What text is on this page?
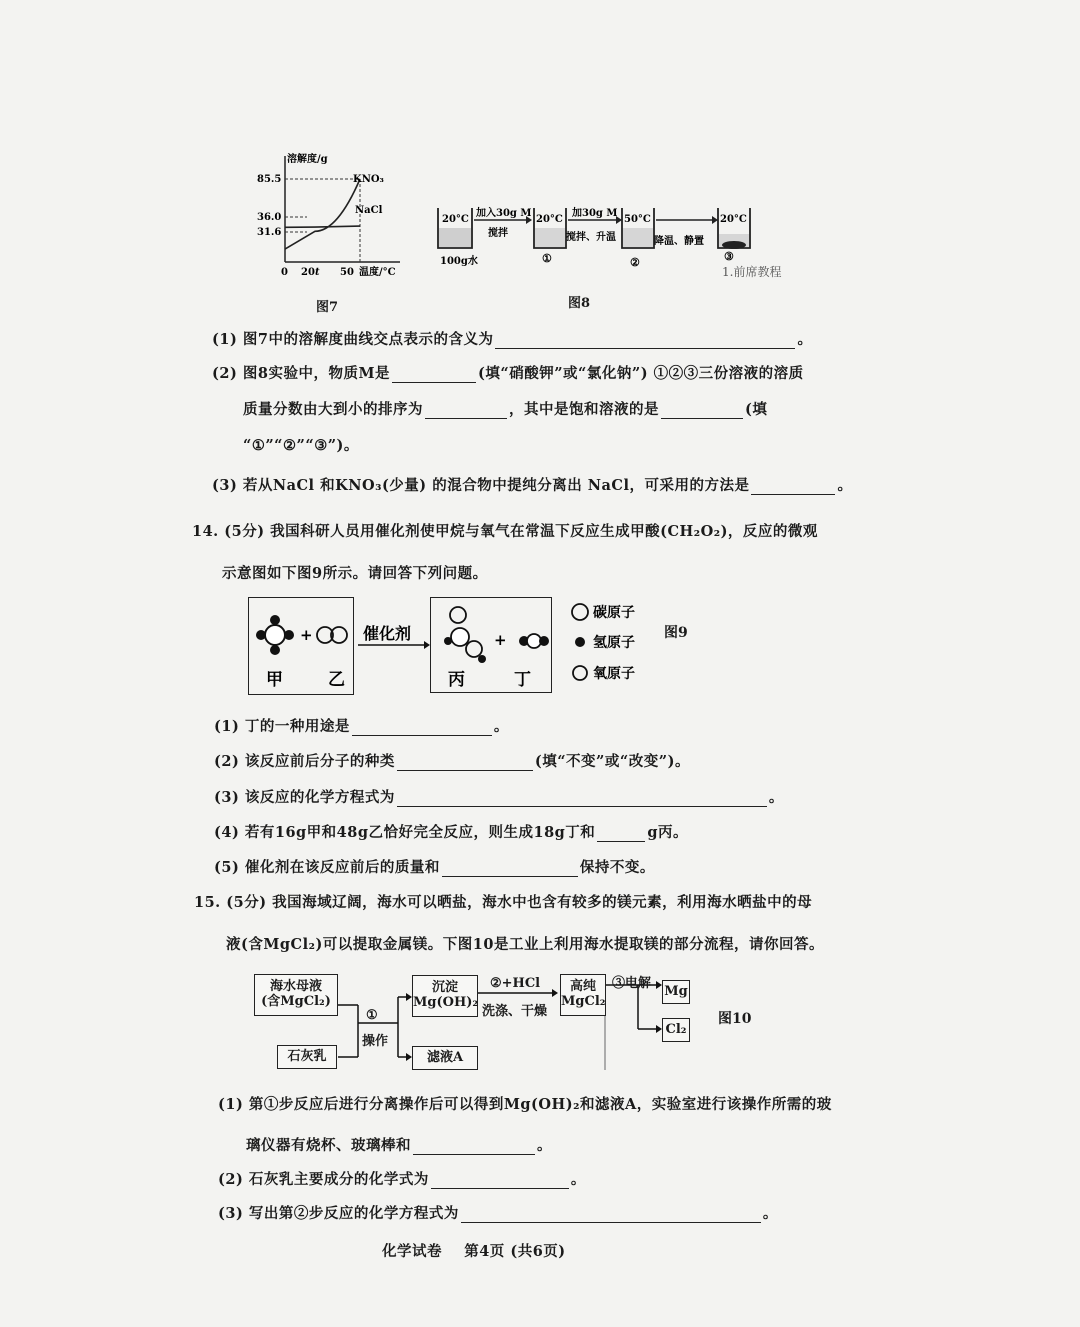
溶解度/g
85.5
36.0
31.6
KNO₃
NaCl
0 20 t 50 温度/°C
图7
20°C
加入30g M
搅拌
20°C
加30g M
搅拌、升温
50°C
降温、静置
20°C
100g水	①	②	③
1.前席教程
图8
(1) 图7中的溶解度曲线交点表示的含义为	。
(2) 图8实验中，物质M是	(填“硝酸钾”或“氯化钠”) ①②③三份溶液的溶质
质量分数由大到小的排序为	，其中是饱和溶液的是	(填
“①”“②”“③”)。
(3) 若从NaCl 和KNO₃(少量) 的混合物中提纯分离出 NaCl，可采用的方法是	。
14. (5分) 我国科研人员用催化剂使甲烷与氧气在常温下反应生成甲酸(CH₂O₂)，反应的微观
示意图如下图9所示。请回答下列问题。
+
甲	乙
催化剂	+
丙	丁
碳原子
氢原子
氧原子
图9
(1) 丁的一种用途是	。
(2) 该反应前后分子的种类	(填“不变”或“改变”)。
(3) 该反应的化学方程式为	。
(4) 若有16g甲和48g乙恰好完全反应，则生成18g丁和	g丙。
(5) 催化剂在该反应前后的质量和	保持不变。
15. (5分) 我国海域辽阔，海水可以晒盐，海水中也含有较多的镁元素，利用海水晒盐中的母
液(含MgCl₂)可以提取金属镁。下图10是工业上利用海水提取镁的部分流程，请你回答。
海水母液
(含MgCl₂)
石灰乳
①
操作
沉淀
Mg(OH)₂
滤液A
②+HCl
洗涤、干燥
高纯
MgCl₂
③电解
Mg
Cl₂
图10
(1) 第①步反应后进行分离操作后可以得到Mg(OH)₂和滤液A，实验室进行该操作所需的玻
璃仪器有烧杯、玻璃棒和	。
(2) 石灰乳主要成分的化学式为	。
(3) 写出第②步反应的化学方程式为	。
化学试卷    第4页 (共6页)
